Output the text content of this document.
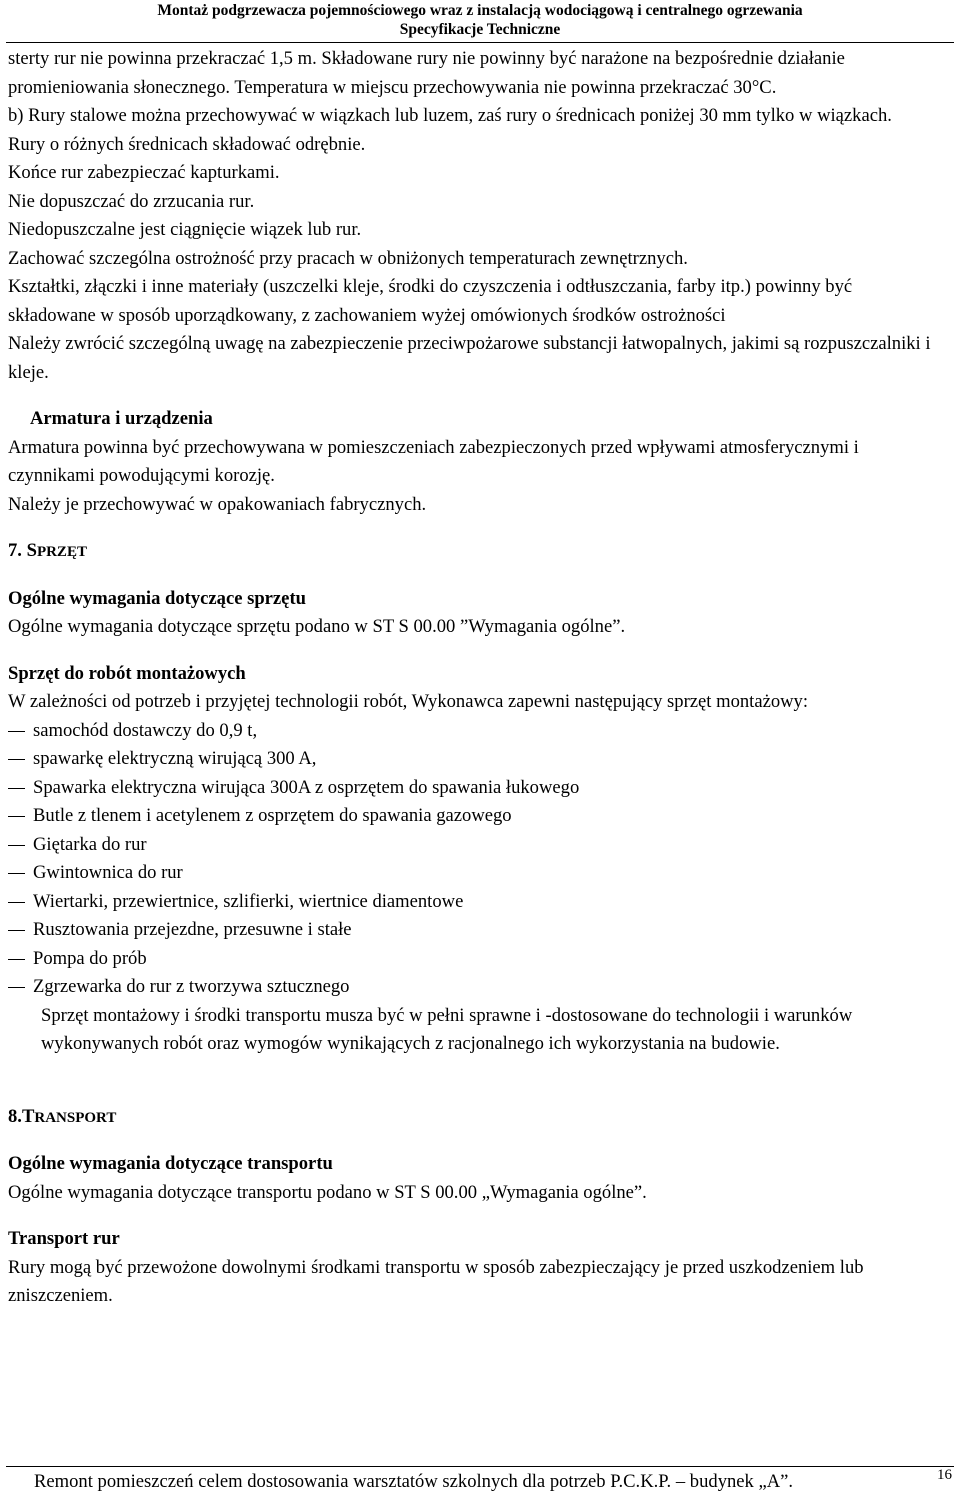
Montaż podgrzewacza pojemnościowego wraz z instalacją wodociągową i centralnego ogrzewania
Specyfikacje Techniczne

sterty rur nie powinna przekraczać 1,5 m. Składowane rury nie powinny być narażone na bezpośrednie działanie promieniowania słonecznego. Temperatura w miejscu przechowywania nie powinna przekraczać 30°C.

b) Rury stalowe można przechowywać w wiązkach lub luzem, zaś rury o średnicach poniżej 30 mm tylko w wiązkach.

Rury o różnych średnicach składować odrębnie.

Końce rur zabezpieczać kapturkami.

Nie dopuszczać do zrzucania rur.

Niedopuszczalne jest ciągnięcie wiązek lub rur.

Zachować szczególna ostrożność przy pracach w obniżonych temperaturach zewnętrznych.

Kształtki, złączki i inne materiały (uszczelki kleje, środki do czyszczenia i odtłuszczania, farby itp.) powinny być składowane w sposób uporządkowany, z zachowaniem wyżej omówionych środków ostrożności

Należy zwrócić szczególną uwagę na zabezpieczenie przeciwpożarowe substancji łatwopalnych, jakimi są rozpuszczalniki i kleje.

Armatura i urządzenia

Armatura powinna być przechowywana w pomieszczeniach zabezpieczonych przed wpływami atmosferycznymi i czynnikami powodującymi korozję.

Należy je przechowywać w opakowaniach fabrycznych.

7. SPRZĘT

Ogólne wymagania dotyczące sprzętu

Ogólne wymagania dotyczące sprzętu podano w ST S 00.00 ”Wymagania ogólne”.

Sprzęt do robót montażowych

W zależności od potrzeb i przyjętej technologii robót, Wykonawca zapewni następujący sprzęt montażowy:

samochód dostawczy do 0,9 t,
spawarkę elektryczną wirującą 300 A,
Spawarka elektryczna wirująca 300A z osprzętem do spawania łukowego
Butle z tlenem i acetylenem z osprzętem do spawania gazowego
Giętarka do rur
Gwintownica do rur
Wiertarki, przewiertnice, szlifierki, wiertnice diamentowe
Rusztowania przejezdne, przesuwne i stałe
Pompa do prób
Zgrzewarka do rur z tworzywa sztucznego

Sprzęt montażowy i środki transportu musza być w pełni sprawne i -dostosowane do technologii i warunków wykonywanych robót oraz wymogów wynikających z racjonalnego ich wykorzystania na budowie.

8.TRANSPORT

Ogólne wymagania dotyczące transportu

Ogólne wymagania dotyczące transportu podano w ST S 00.00 „Wymagania ogólne”.

Transport rur

Rury mogą być przewożone dowolnymi środkami transportu w sposób zabezpieczający je przed uszkodzeniem lub zniszczeniem.

Remont pomieszczeń celem dostosowania warsztatów szkolnych dla potrzeb P.C.K.P. – budynek „A”.	16
